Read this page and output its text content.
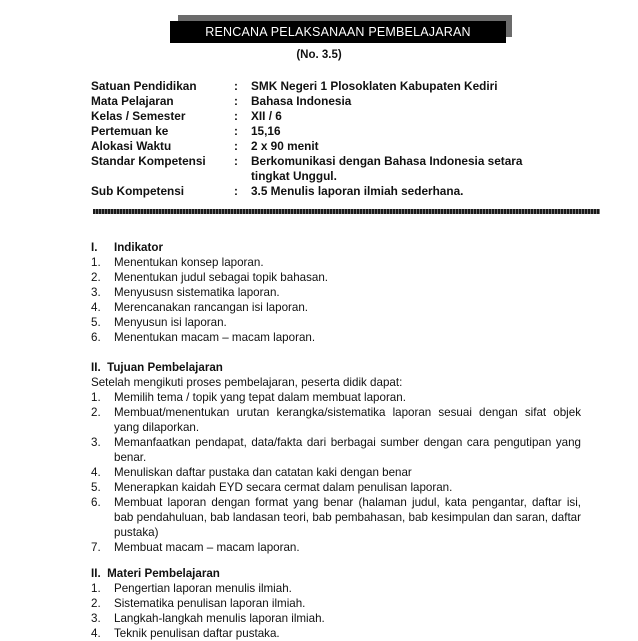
RENCANA PELAKSANAAN PEMBELAJARAN
(No. 3.5)
Satuan Pendidikan	:	SMK Negeri 1 Plosoklaten Kabupaten Kediri
Mata Pelajaran	:	Bahasa Indonesia
Kelas / Semester	:	XII / 6
Pertemuan ke	:	15,16
Alokasi Waktu	:	2 x 90 menit
Standar Kompetensi	:	Berkomunikasi dengan Bahasa Indonesia setara
tingkat Unggul.
Sub Kompetensi	:	3.5 Menulis laporan ilmiah sederhana.
I.	Indikator
1.	Menentukan konsep laporan.
2.	Menentukan judul sebagai topik bahasan.
3.	Menyususn sistematika laporan.
4.	Merencanakan rancangan isi laporan.
5.	Menyusun isi laporan.
6.	Menentukan macam – macam laporan.
II. Tujuan Pembelajaran
Setelah mengikuti proses pembelajaran, peserta didik dapat:
1.	Memilih tema / topik yang tepat dalam membuat laporan.
2.	Membuat/menentukan urutan kerangka/sistematika laporan sesuai dengan sifat objek yang dilaporkan.
3.	Memanfaatkan pendapat, data/fakta dari berbagai sumber dengan cara pengutipan yang benar.
4.	Menuliskan daftar pustaka dan catatan kaki dengan benar
5.	Menerapkan kaidah EYD secara cermat dalam penulisan laporan.
6.	Membuat laporan dengan format yang benar (halaman judul, kata pengantar, daftar isi, bab pendahuluan, bab landasan teori, bab pembahasan, bab kesimpulan dan saran, daftar pustaka)
7.	Membuat macam – macam laporan.
II. Materi Pembelajaran
1.	Pengertian laporan menulis ilmiah.
2.	Sistematika penulisan laporan ilmiah.
3.	Langkah-langkah menulis laporan ilmiah.
4.	Teknik penulisan daftar pustaka.
